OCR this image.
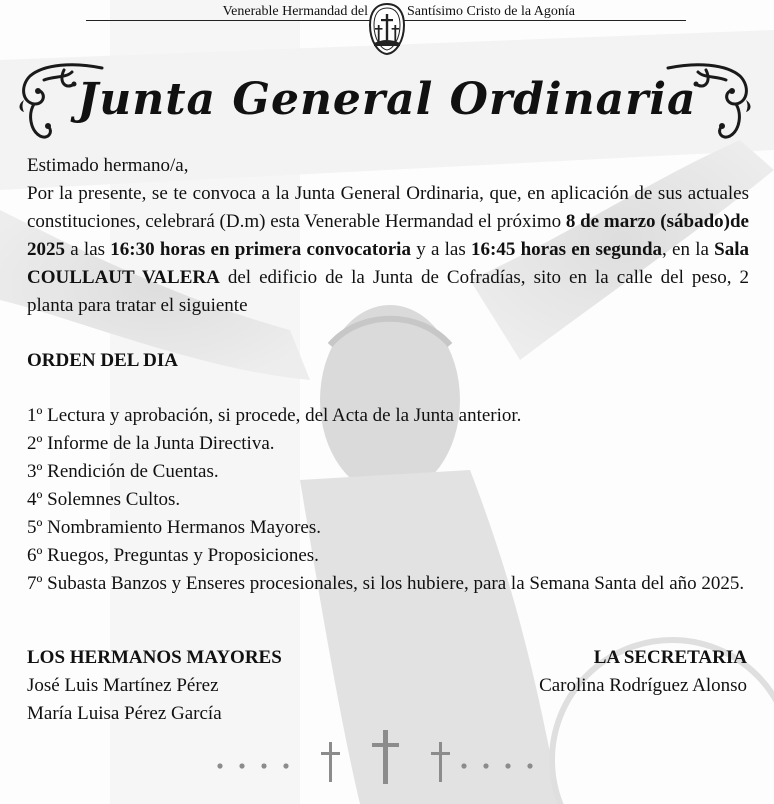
Venerable Hermandad del	Santísimo Cristo de la Agonía
Junta General Ordinaria

Estimado hermano/a,

Por la presente, se te convoca a la Junta General Ordinaria, que, en aplicación de sus actuales constituciones, celebrará (D.m) esta Venerable Hermandad el próximo 8 de marzo (sábado)de 2025 a las 16:30 horas en primera convocatoria y a las 16:45 horas en segunda, en la Sala COULLAUT VALERA del edificio de la Junta de Cofradías, sito en la calle del peso, 2 planta para tratar el siguiente

ORDEN DEL DIA

1º Lectura y aprobación, si procede, del Acta de la Junta anterior.

2º Informe de la Junta Directiva.

3º Rendición de Cuentas.

4º Solemnes Cultos.

5º Nombramiento Hermanos Mayores.

6º Ruegos, Preguntas y Proposiciones.

7º Subasta Banzos y Enseres procesionales, si los hubiere, para la Semana Santa del año 2025.

LOS HERMANOS MAYORES
José Luis Martínez Pérez
María Luisa Pérez García
LA SECRETARIA
Carolina Rodríguez Alonso
